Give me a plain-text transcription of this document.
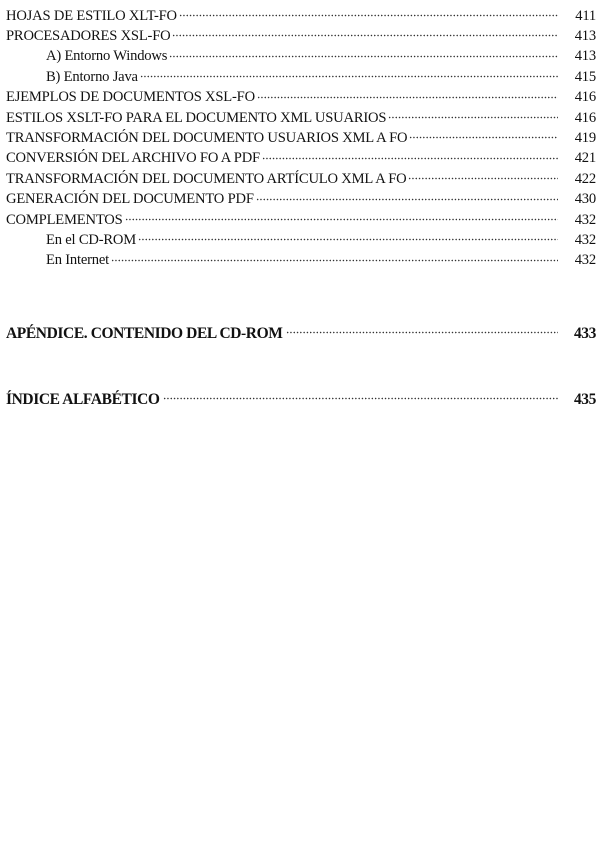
HOJAS DE ESTILO XLT-FO	411
PROCESADORES XSL-FO	413
A) Entorno Windows	413
B) Entorno Java	415
EJEMPLOS DE DOCUMENTOS XSL-FO	416
ESTILOS XSLT-FO PARA EL DOCUMENTO XML USUARIOS	416
TRANSFORMACIÓN DEL DOCUMENTO USUARIOS XML A FO	419
CONVERSIÓN DEL ARCHIVO FO A PDF	421
TRANSFORMACIÓN DEL DOCUMENTO ARTÍCULO XML A FO	422
GENERACIÓN DEL DOCUMENTO PDF	430
COMPLEMENTOS	432
En el CD-ROM	432
En Internet	432
APÉNDICE. CONTENIDO DEL CD-ROM	433
ÍNDICE ALFABÉTICO	435
